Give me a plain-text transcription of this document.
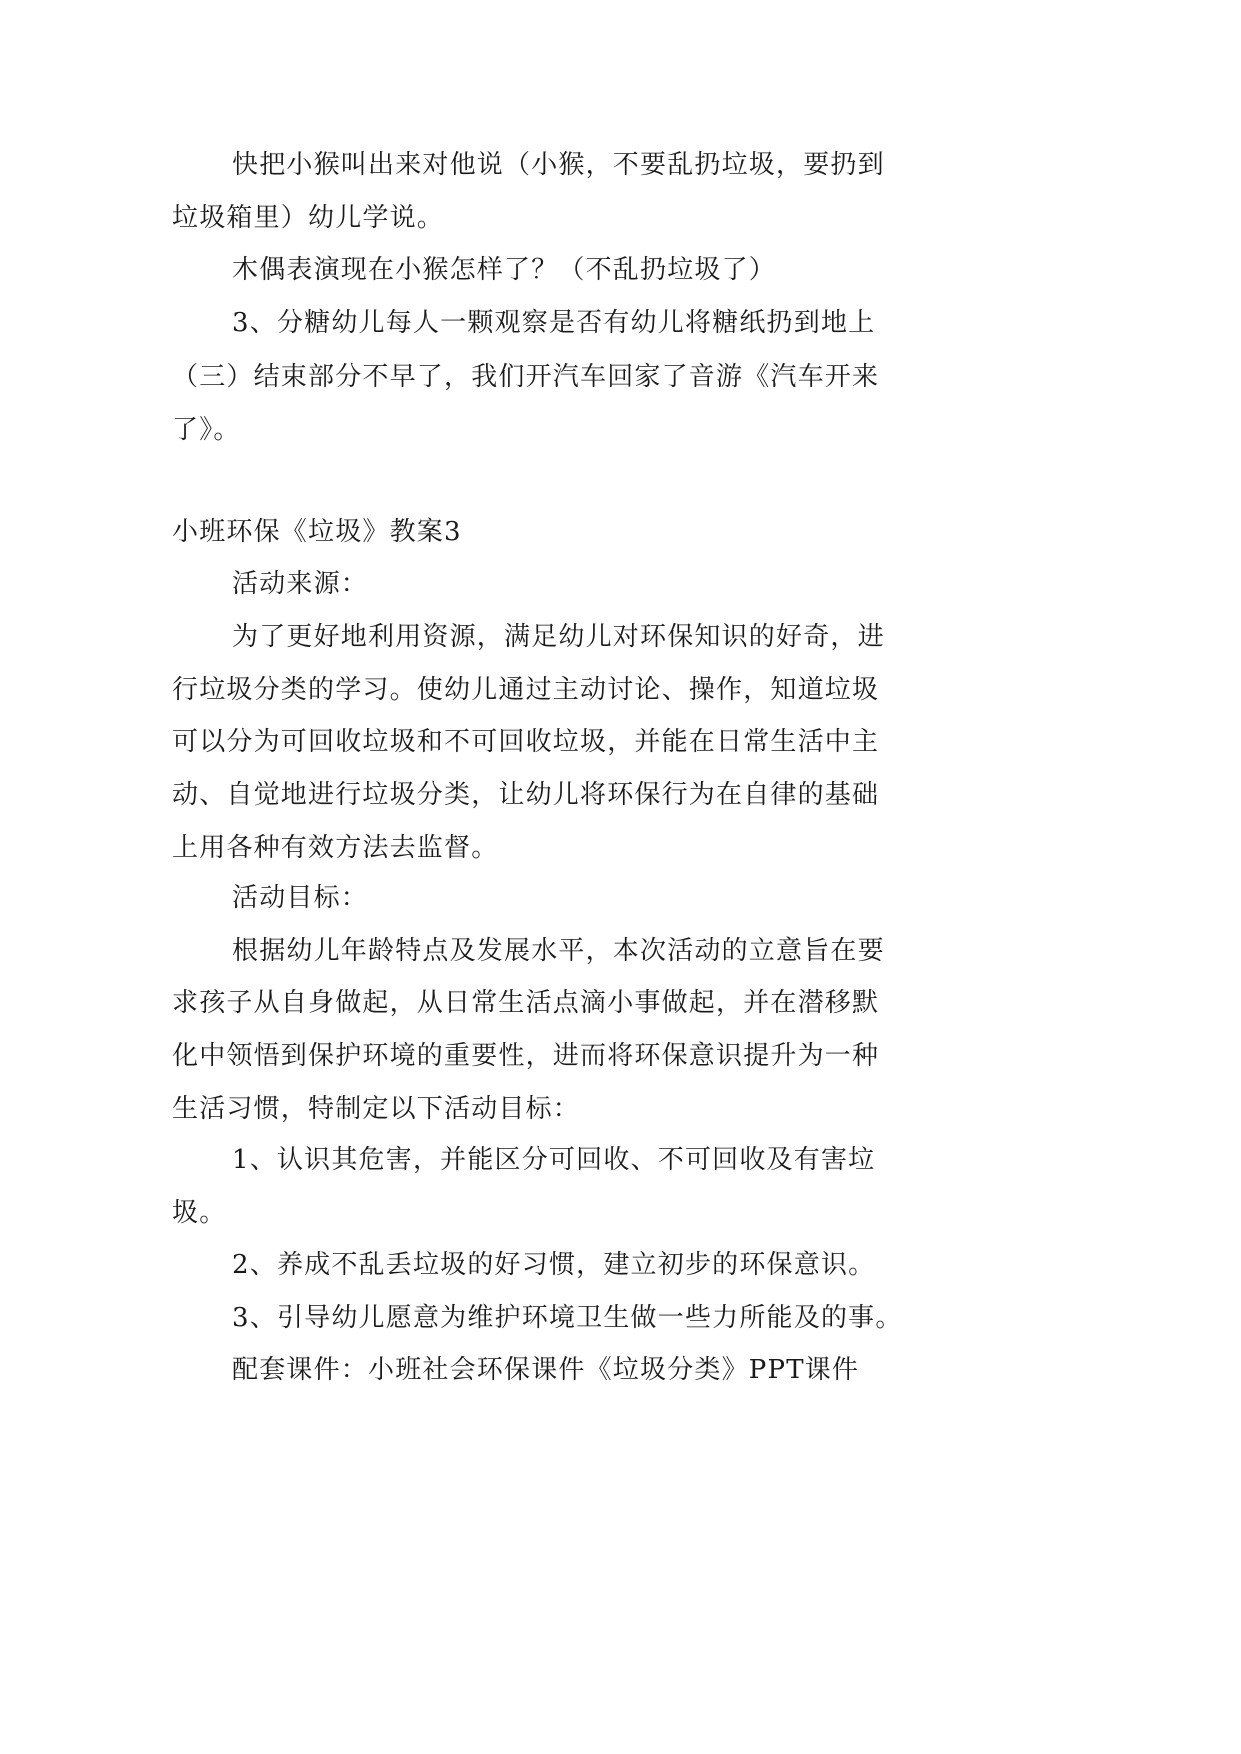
快把小猴叫出来对他说（小猴，不要乱扔垃圾，要扔到
垃圾箱里）幼儿学说。
木偶表演现在小猴怎样了？（不乱扔垃圾了）
3、分糖幼儿每人一颗观察是否有幼儿将糖纸扔到地上
（三）结束部分不早了，我们开汽车回家了音游《汽车开来
了》。
小班环保《垃圾》教案3
活动来源：
为了更好地利用资源，满足幼儿对环保知识的好奇，进
行垃圾分类的学习。使幼儿通过主动讨论、操作，知道垃圾
可以分为可回收垃圾和不可回收垃圾，并能在日常生活中主
动、自觉地进行垃圾分类，让幼儿将环保行为在自律的基础
上用各种有效方法去监督。
活动目标：
根据幼儿年龄特点及发展水平，本次活动的立意旨在要
求孩子从自身做起，从日常生活点滴小事做起，并在潜移默
化中领悟到保护环境的重要性，进而将环保意识提升为一种
生活习惯，特制定以下活动目标：
1、认识其危害，并能区分可回收、不可回收及有害垃
圾。
2、养成不乱丢垃圾的好习惯，建立初步的环保意识。
3、引导幼儿愿意为维护环境卫生做一些力所能及的事。
配套课件：小班社会环保课件《垃圾分类》PPT课件
